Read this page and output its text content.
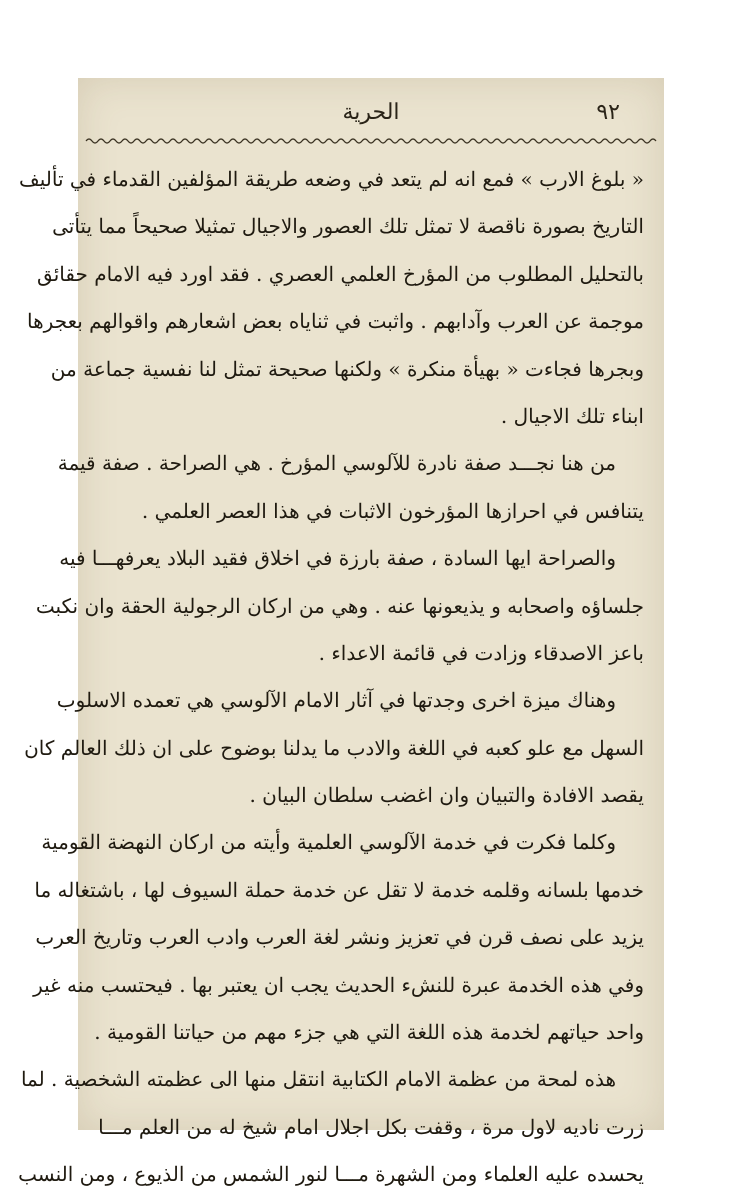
٩٢
الحرية
« بلوغ الارب » فمع انه لم يتعد في وضعه طريقة المؤلفين القدماء في تأليف
التاريخ بصورة ناقصة لا تمثل تلك العصور والاجيال تمثيلا صحيحاً مما يتأتى
بالتحليل المطلوب من المؤرخ العلمي العصري . فقد اورد فيه الامام حقائق
موجمة عن العرب وآدابهم . واثبت في ثناياه بعض اشعارهم واقوالهم بعجرها
وبجرها فجاءت « بهيأة منكرة » ولكنها صحيحة تمثل لنا نفسية جماعة من
ابناء تلك الاجيال .
من هنا نجـــد صفة نادرة للآلوسي المؤرخ . هي الصراحة . صفة قيمة
يتنافس في احرازها المؤرخون الاثبات في هذا العصر العلمي .
والصراحة ايها السادة ، صفة بارزة في اخلاق فقيد البلاد يعرفهـــا فيه
جلساؤه واصحابه و يذيعونها عنه . وهي من اركان الرجولية الحقة وان نكبت
باعز الاصدقاء وزادت في قائمة الاعداء .
وهناك ميزة اخرى وجدتها في آثار الامام الآلوسي هي تعمده الاسلوب
السهل مع علو كعبه في اللغة والادب ما يدلنا بوضوح على ان ذلك العالم كان
يقصد الافادة والتبيان وان اغضب سلطان البيان .
وكلما فكرت في خدمة الآلوسي العلمية وأيته من اركان النهضة القومية
خدمها بلسانه وقلمه خدمة لا تقل عن خدمة حملة السيوف لها ، باشتغاله ما
يزيد على نصف قرن في تعزيز ونشر لغة العرب وادب العرب وتاريخ العرب
وفي هذه الخدمة عبرة للنشء الحديث يجب ان يعتبر بها . فيحتسب منه غير
واحد حياتهم لخدمة هذه اللغة التي هي جزء مهم من حياتنا القومية .
هذه لمحة من عظمة الامام الكتابية انتقل منها الى عظمته الشخصية . لما
زرت ناديه لاول مرة ، وقفت بكل اجلال امام شيخ له من العلم مـــا
يحسده عليه العلماء ومن الشهرة مـــا لنور الشمس من الذيوع ، ومن النسب
